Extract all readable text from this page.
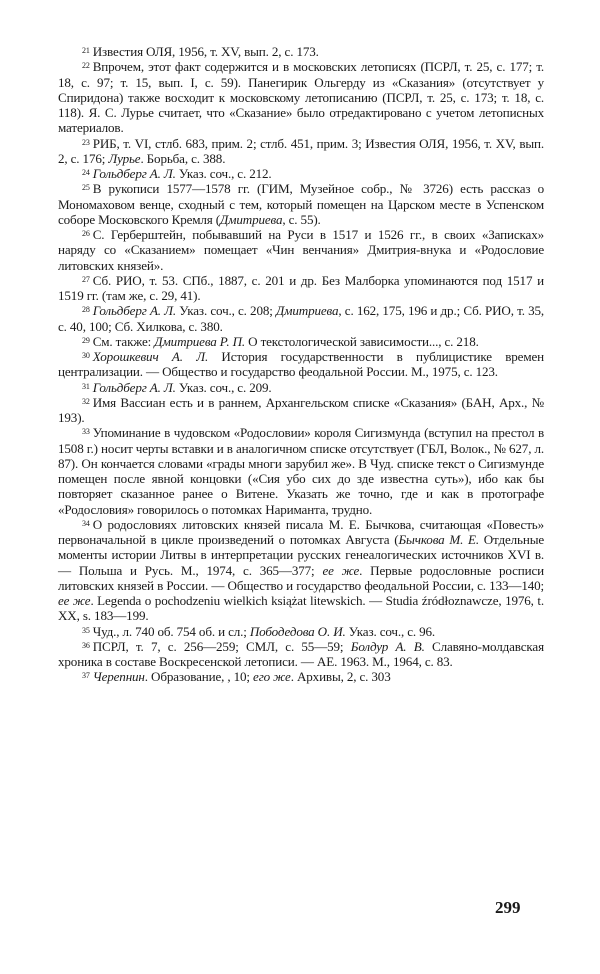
$^{21}$ Известия ОЛЯ, 1956, т. XV, вып. 2, с. 173.

$^{22}$ Впрочем, этот факт содержится и в московских летописях (ПСРЛ, т. 25, с. 177; т. 18, с. 97; т. 15, вып. I, с. 59). Панегирик Ольгерду из «Сказания» (отсутствует у Спиридона) также восходит к московскому летописанию (ПСРЛ, т. 25, с. 173; т. 18, с. 118). Я. С. Лурье считает, что «Сказание» было отредактировано с учетом летописных материалов.

$^{23}$ РИБ, т. VI, стлб. 683, прим. 2; стлб. 451, прим. 3; Известия ОЛЯ, 1956, т. XV, вып. 2, с. 176; Лурье. Борьба, с. 388.

$^{24}$ Гольдберг А. Л. Указ. соч., с. 212.

$^{25}$ В рукописи 1577—1578 гг. (ГИМ, Музейное собр., № 3726) есть рассказ о Мономаховом венце, сходный с тем, который помещен на Царском месте в Успенском соборе Московского Кремля (Дмитриева, с. 55).

$^{26}$ С. Герберштейн, побывавший на Руси в 1517 и 1526 гг., в своих «Записках» наряду со «Сказанием» помещает «Чин венчания» Дмитрия-внука и «Родословие литовских князей».

$^{27}$ Сб. РИО, т. 53. СПб., 1887, с. 201 и др. Без Малборка упоминаются под 1517 и 1519 гг. (там же, с. 29, 41).

$^{28}$ Гольдберг А. Л. Указ. соч., с. 208; Дмитриева, с. 162, 175, 196 и др.; Сб. РИО, т. 35, с. 40, 100; Сб. Хилкова, с. 380.

$^{29}$ См. также: Дмитриева Р. П. О текстологической зависимости..., с. 218.

$^{30}$ Хорошкевич А. Л. История государственности в публицистике времен централизации. — Общество и государство феодальной России. М., 1975, с. 123.

$^{31}$ Гольдберг А. Л. Указ. соч., с. 209.

$^{32}$ Имя Вассиан есть и в раннем, Архангельском списке «Сказания» (БАН, Арх., № 193).

$^{33}$ Упоминание в чудовском «Родословии» короля Сигизмунда (вступил на престол в 1508 г.) носит черты вставки и в аналогичном списке отсутствует (ГБЛ, Волок., № 627, л. 87). Он кончается словами «грады многи зарубил же». В Чуд. списке текст о Сигизмунде помещен после явной концовки («Сия убо сих до зде известна суть»), ибо как бы повторяет сказанное ранее о Витене. Указать же точно, где и как в протографе «Родословия» говорилось о потомках Нариманта, трудно.

$^{34}$ О родословиях литовских князей писала М. Е. Бычкова, считающая «Повесть» первоначальной в цикле произведений о потомках Августа (Бычкова М. Е. Отдельные моменты истории Литвы в интерпретации русских генеалогических источников XVI в. — Польша и Русь. М., 1974, с. 365—377; ее же. Первые родословные росписи литовских князей в России. — Общество и государство феодальной России, с. 133—140; ее же. Legenda o pochodzeniu wielkich książat litewskich. — Studia źródłoznawcze, 1976, t. XX, s. 183—199.

$^{35}$ Чуд., л. 740 об. 754 об. и сл.; Пободедова О. И. Указ. соч., с. 96.

$^{36}$ ПСРЛ, т. 7, с. 256—259; СМЛ, с. 55—59; Болдур А. В. Славяно-молдавская хроника в составе Воскресенской летописи. — АЕ. 1963. М., 1964, с. 83.

$^{37}$ Черепнин. Образование, , 10; его же. Архивы, 2, с. 303

299
